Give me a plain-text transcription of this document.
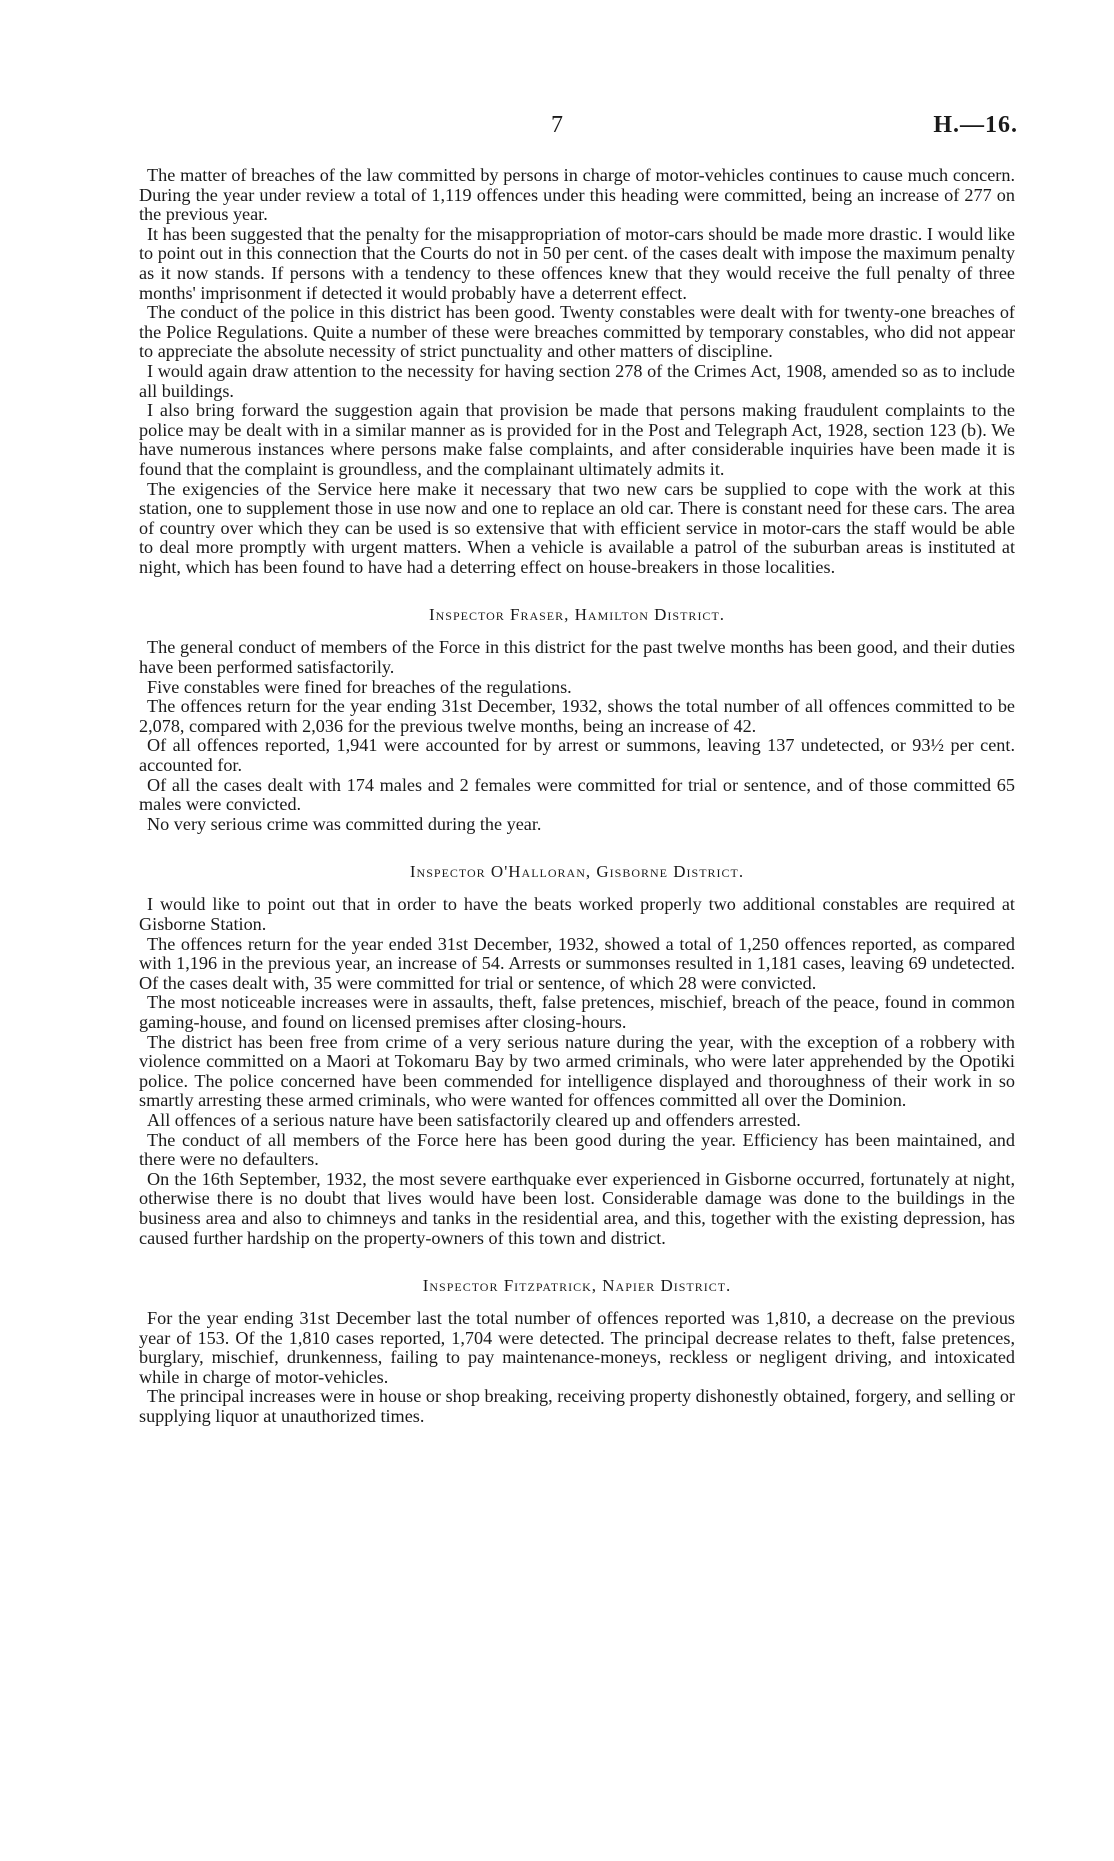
7	H.—16.

The matter of breaches of the law committed by persons in charge of motor-vehicles continues to cause much concern. During the year under review a total of 1,119 offences under this heading were committed, being an increase of 277 on the previous year.

It has been suggested that the penalty for the misappropriation of motor-cars should be made more drastic. I would like to point out in this connection that the Courts do not in 50 per cent. of the cases dealt with impose the maximum penalty as it now stands. If persons with a tendency to these offences knew that they would receive the full penalty of three months' imprisonment if detected it would probably have a deterrent effect.

The conduct of the police in this district has been good. Twenty constables were dealt with for twenty-one breaches of the Police Regulations. Quite a number of these were breaches committed by temporary constables, who did not appear to appreciate the absolute necessity of strict punctuality and other matters of discipline.

I would again draw attention to the necessity for having section 278 of the Crimes Act, 1908, amended so as to include all buildings.

I also bring forward the suggestion again that provision be made that persons making fraudulent complaints to the police may be dealt with in a similar manner as is provided for in the Post and Telegraph Act, 1928, section 123 (b). We have numerous instances where persons make false complaints, and after considerable inquiries have been made it is found that the complaint is groundless, and the complainant ultimately admits it.

The exigencies of the Service here make it necessary that two new cars be supplied to cope with the work at this station, one to supplement those in use now and one to replace an old car. There is constant need for these cars. The area of country over which they can be used is so extensive that with efficient service in motor-cars the staff would be able to deal more promptly with urgent matters. When a vehicle is available a patrol of the suburban areas is instituted at night, which has been found to have had a deterring effect on house-breakers in those localities.

Inspector Fraser, Hamilton District.

The general conduct of members of the Force in this district for the past twelve months has been good, and their duties have been performed satisfactorily.

Five constables were fined for breaches of the regulations.

The offences return for the year ending 31st December, 1932, shows the total number of all offences committed to be 2,078, compared with 2,036 for the previous twelve months, being an increase of 42.

Of all offences reported, 1,941 were accounted for by arrest or summons, leaving 137 undetected, or 93½ per cent. accounted for.

Of all the cases dealt with 174 males and 2 females were committed for trial or sentence, and of those committed 65 males were convicted.

No very serious crime was committed during the year.

Inspector O'Halloran, Gisborne District.

I would like to point out that in order to have the beats worked properly two additional constables are required at Gisborne Station.

The offences return for the year ended 31st December, 1932, showed a total of 1,250 offences reported, as compared with 1,196 in the previous year, an increase of 54. Arrests or summonses resulted in 1,181 cases, leaving 69 undetected. Of the cases dealt with, 35 were committed for trial or sentence, of which 28 were convicted.

The most noticeable increases were in assaults, theft, false pretences, mischief, breach of the peace, found in common gaming-house, and found on licensed premises after closing-hours.

The district has been free from crime of a very serious nature during the year, with the exception of a robbery with violence committed on a Maori at Tokomaru Bay by two armed criminals, who were later apprehended by the Opotiki police. The police concerned have been commended for intelligence displayed and thoroughness of their work in so smartly arresting these armed criminals, who were wanted for offences committed all over the Dominion.

All offences of a serious nature have been satisfactorily cleared up and offenders arrested.

The conduct of all members of the Force here has been good during the year. Efficiency has been maintained, and there were no defaulters.

On the 16th September, 1932, the most severe earthquake ever experienced in Gisborne occurred, fortunately at night, otherwise there is no doubt that lives would have been lost. Considerable damage was done to the buildings in the business area and also to chimneys and tanks in the residential area, and this, together with the existing depression, has caused further hardship on the property-owners of this town and district.

Inspector Fitzpatrick, Napier District.

For the year ending 31st December last the total number of offences reported was 1,810, a decrease on the previous year of 153. Of the 1,810 cases reported, 1,704 were detected. The principal decrease relates to theft, false pretences, burglary, mischief, drunkenness, failing to pay maintenance-moneys, reckless or negligent driving, and intoxicated while in charge of motor-vehicles.

The principal increases were in house or shop breaking, receiving property dishonestly obtained, forgery, and selling or supplying liquor at unauthorized times.
